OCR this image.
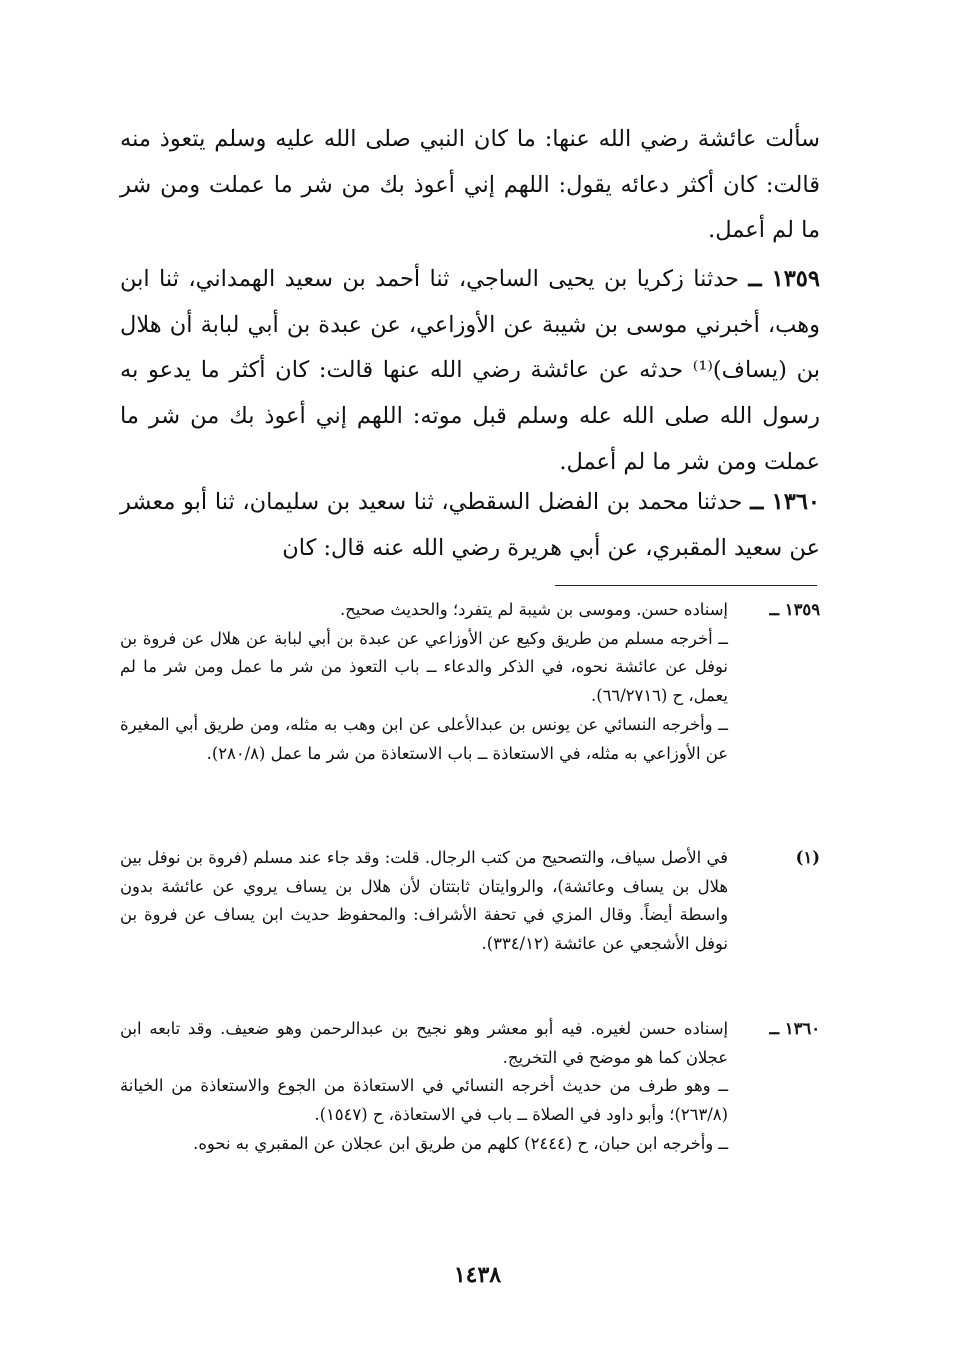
سألت عائشة رضي الله عنها: ما كان النبي صلى الله عليه وسلم يتعوذ منه قالت: كان أكثر دعائه يقول: اللهم إني أعوذ بك من شر ما عملت ومن شر ما لم أعمل.

١٣٥٩ ــ حدثنا زكريا بن يحيى الساجي، ثنا أحمد بن سعيد الهمداني، ثنا ابن وهب، أخبرني موسى بن شيبة عن الأوزاعي، عن عبدة بن أبي لبابة أن هلال بن (يساف)⁽¹⁾ حدثه عن عائشة رضي الله عنها قالت: كان أكثر ما يدعو به رسول الله صلى الله عله وسلم قبل موته: اللهم إني أعوذ بك من شر ما عملت ومن شر ما لم أعمل.

١٣٦٠ ــ حدثنا محمد بن الفضل السقطي، ثنا سعيد بن سليمان، ثنا أبو معشر عن سعيد المقبري، عن أبي هريرة رضي الله عنه قال: كان

١٣٥٩ ــ
إسناده حسن. وموسى بن شيبة لم يتفرد؛ والحديث صحيح.
ــ أخرجه مسلم من طريق وكيع عن الأوزاعي عن عبدة بن أبي لبابة عن هلال عن فروة بن نوفل عن عائشة نحوه، في الذكر والدعاء ــ باب التعوذ من شر ما عمل ومن شر ما لم يعمل، ح (٦٦/٢٧١٦).
ــ وأخرجه النسائي عن يونس بن عبدالأعلى عن ابن وهب به مثله، ومن طريق أبي المغيرة عن الأوزاعي به مثله، في الاستعاذة ــ باب الاستعاذة من شر ما عمل (٢٨٠/٨).
(١)
في الأصل سياف، والتصحيح من كتب الرجال. قلت: وقد جاء عند مسلم (فروة بن نوفل بين هلال بن يساف وعائشة)، والروايتان ثابتتان لأن هلال بن يساف يروي عن عائشة بدون واسطة أيضاً. وقال المزي في تحفة الأشراف: والمحفوظ حديث ابن يساف عن فروة بن نوفل الأشجعي عن عائشة (٣٣٤/١٢).
١٣٦٠ ــ
إسناده حسن لغيره. فيه أبو معشر وهو نجيح بن عبدالرحمن وهو ضعيف. وقد تابعه ابن عجلان كما هو موضح في التخريج.
ــ وهو طرف من حديث أخرجه النسائي في الاستعاذة من الجوع والاستعاذة من الخيانة (٢٦٣/٨)؛ وأبو داود في الصلاة ــ باب في الاستعاذة، ح (١٥٤٧).
ــ وأخرجه ابن حبان، ح (٢٤٤٤) كلهم من طريق ابن عجلان عن المقبري به نحوه.
١٤٣٨
